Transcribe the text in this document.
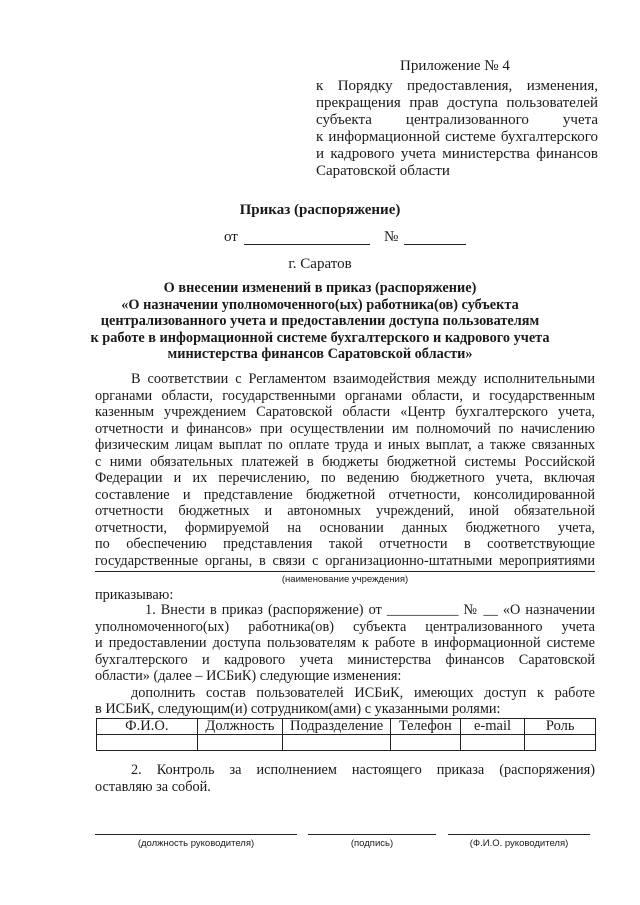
Приложение № 4
к Порядку предоставления, изменения,
прекращения прав доступа пользователей
субъекта централизованного учета
к информационной системе бухгалтерского
и кадрового учета министерства финансов
Саратовской области
Приказ (распоряжение)
от	№
г. Саратов
О внесении изменений в приказ (распоряжение)
«О назначении уполномоченного(ых) работника(ов) субъекта
централизованного учета и предоставлении доступа пользователям
к работе в информационной системе бухгалтерского и кадрового учета
министерства финансов Саратовской области»
В соответствии с Регламентом взаимодействия между исполнительными
органами области, государственными органами области, и государственным
казенным учреждением Саратовской области «Центр бухгалтерского учета,
отчетности и финансов» при осуществлении им полномочий по начислению
физическим лицам выплат по оплате труда и иных выплат, а также связанных
с ними обязательных платежей в бюджеты бюджетной системы Российской
Федерации и их перечислению, по ведению бюджетного учета, включая
составление и представление бюджетной отчетности, консолидированной
отчетности бюджетных и автономных учреждений, иной обязательной
отчетности, формируемой на основании данных бюджетного учета,
по обеспечению представления такой отчетности в соответствующие
государственные органы, в связи с организационно-штатными мероприятиями
(наименование учреждения)
приказываю:
1. Внести в приказ (распоряжение) от __________ № __ «О назначении
уполномоченного(ых) работника(ов) субъекта централизованного учета
и предоставлении доступа пользователям к работе в информационной системе
бухгалтерского и кадрового учета министерства финансов Саратовской
области» (далее – ИСБиК) следующие изменения:
дополнить состав пользователей ИСБиК, имеющих доступ к работе
в ИСБиК, следующим(и) сотрудником(ами) с указанными ролями:
Ф.И.О.	Должность	Подразделение	Телефон	e-mail	Роль

2. Контроль за исполнением настоящего приказа (распоряжения)
оставляю за собой.
(должность руководителя)	(подпись)	(Ф.И.О. руководителя)
